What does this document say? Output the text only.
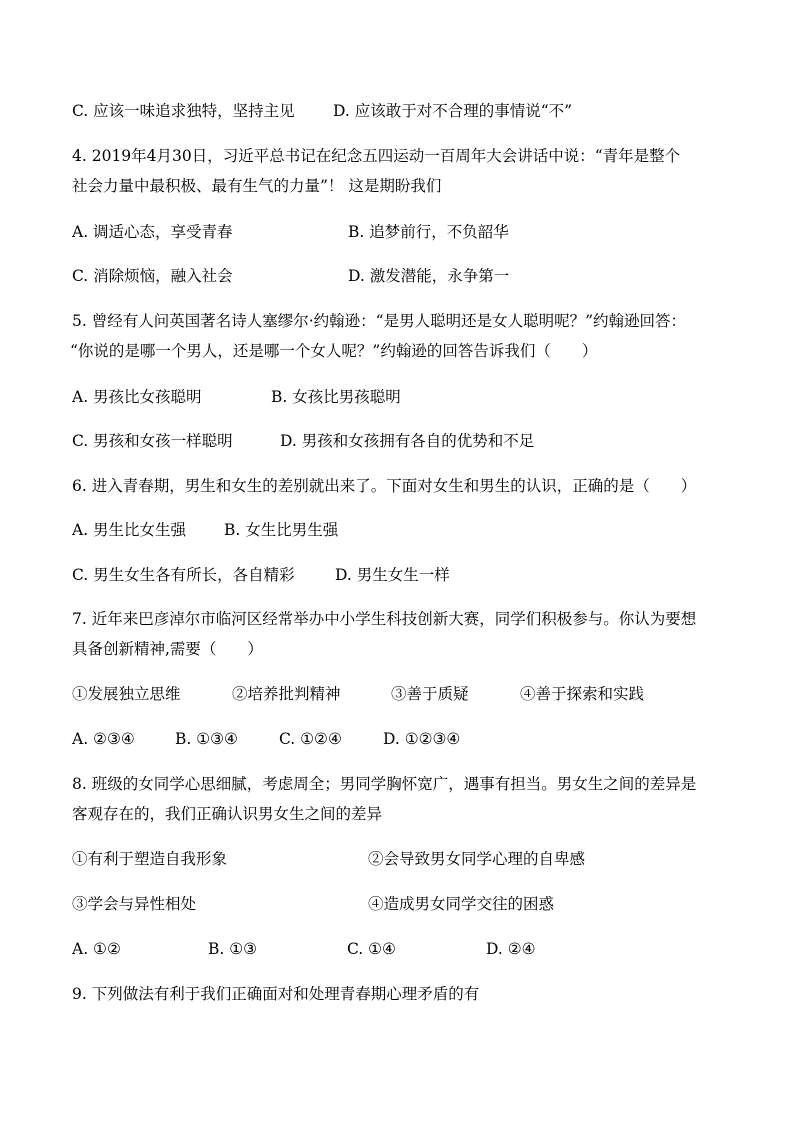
C. 应该一味追求独特，坚持主见 D. 应该敢于对不合理的事情说“不”
4. 2019年4月30日，习近平总书记在纪念五四运动一百周年大会讲话中说：“青年是整个
社会力量中最积极、最有生气的力量”！ 这是期盼我们
A. 调适心态，享受青春	B. 追梦前行，不负韶华
C. 消除烦恼，融入社会	D. 激发潜能，永争第一
5. 曾经有人问英国著名诗人塞缪尔·约翰逊：“是男人聪明还是女人聪明呢？”约翰逊回答：
“你说的是哪一个男人，还是哪一个女人呢？”约翰逊的回答告诉我们（　　）
A. 男孩比女孩聪明	B. 女孩比男孩聪明
C. 男孩和女孩一样聪明	D. 男孩和女孩拥有各自的优势和不足
6. 进入青春期，男生和女生的差别就出来了。下面对女生和男生的认识，正确的是（　　）
A. 男生比女生强 B. 女生比男生强
C. 男生女生各有所长，各自精彩	D. 男生女生一样
7. 近年来巴彦淖尔市临河区经常举办中小学生科技创新大赛，同学们积极参与。你认为要想
具备创新精神,需要（　　）
①发展独立思维	②培养批判精神	③善于质疑	④善于探索和实践
A. ②③④	B. ①③④	C. ①②④	D. ①②③④
8. 班级的女同学心思细腻，考虑周全；男同学胸怀宽广，遇事有担当。男女生之间的差异是
客观存在的，我们正确认识男女生之间的差异
①有利于塑造自我形象	②会导致男女同学心理的自卑感
③学会与异性相处	④造成男女同学交往的困惑
A. ①②	B. ①③	C. ①④	D. ②④
9. 下列做法有利于我们正确面对和处理青春期心理矛盾的有
